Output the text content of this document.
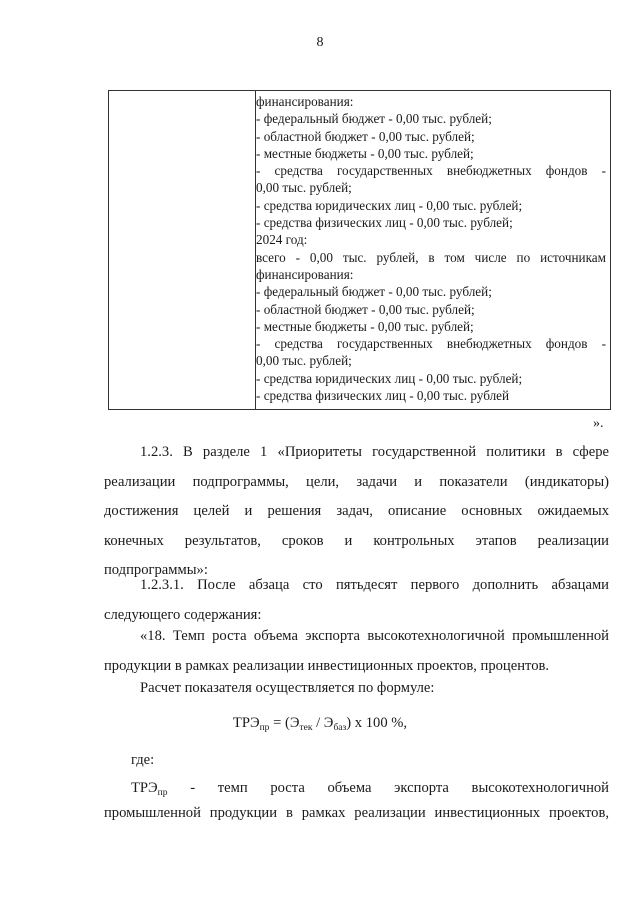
8
финансирования:
- федеральный бюджет - 0,00 тыс. рублей;
- областной бюджет - 0,00 тыс. рублей;
- местные бюджеты - 0,00 тыс. рублей;
- средства государственных внебюджетных фондов -
0,00 тыс. рублей;
- средства юридических лиц - 0,00 тыс. рублей;
- средства физических лиц - 0,00 тыс. рублей;
2024 год:
всего - 0,00 тыс. рублей, в том числе по источникам
финансирования:
- федеральный бюджет - 0,00 тыс. рублей;
- областной бюджет - 0,00 тыс. рублей;
- местные бюджеты - 0,00 тыс. рублей;
- средства государственных внебюджетных фондов -
0,00 тыс. рублей;
- средства юридических лиц - 0,00 тыс. рублей;
- средства физических лиц - 0,00 тыс. рублей
».
1.2.3. В разделе 1 «Приоритеты государственной политики в сфере
реализации подпрограммы, цели, задачи и показатели (индикаторы)
достижения целей и решения задач, описание основных ожидаемых
конечных результатов, сроков и контрольных этапов реализации
подпрограммы»:
1.2.3.1. После абзаца сто пятьдесят первого дополнить абзацами
следующего содержания:
«18. Темп роста объема экспорта высокотехнологичной промышленной
продукции в рамках реализации инвестиционных проектов, процентов.
Расчет показателя осуществляется по формуле:
$ТРЭ_{пр} = (Э_{тек} / Э_{баз})$ х 100 %,
где:
$ТРЭ_{пр}$ - темп роста объема экспорта высокотехнологичной
промышленной продукции в рамках реализации инвестиционных проектов,
